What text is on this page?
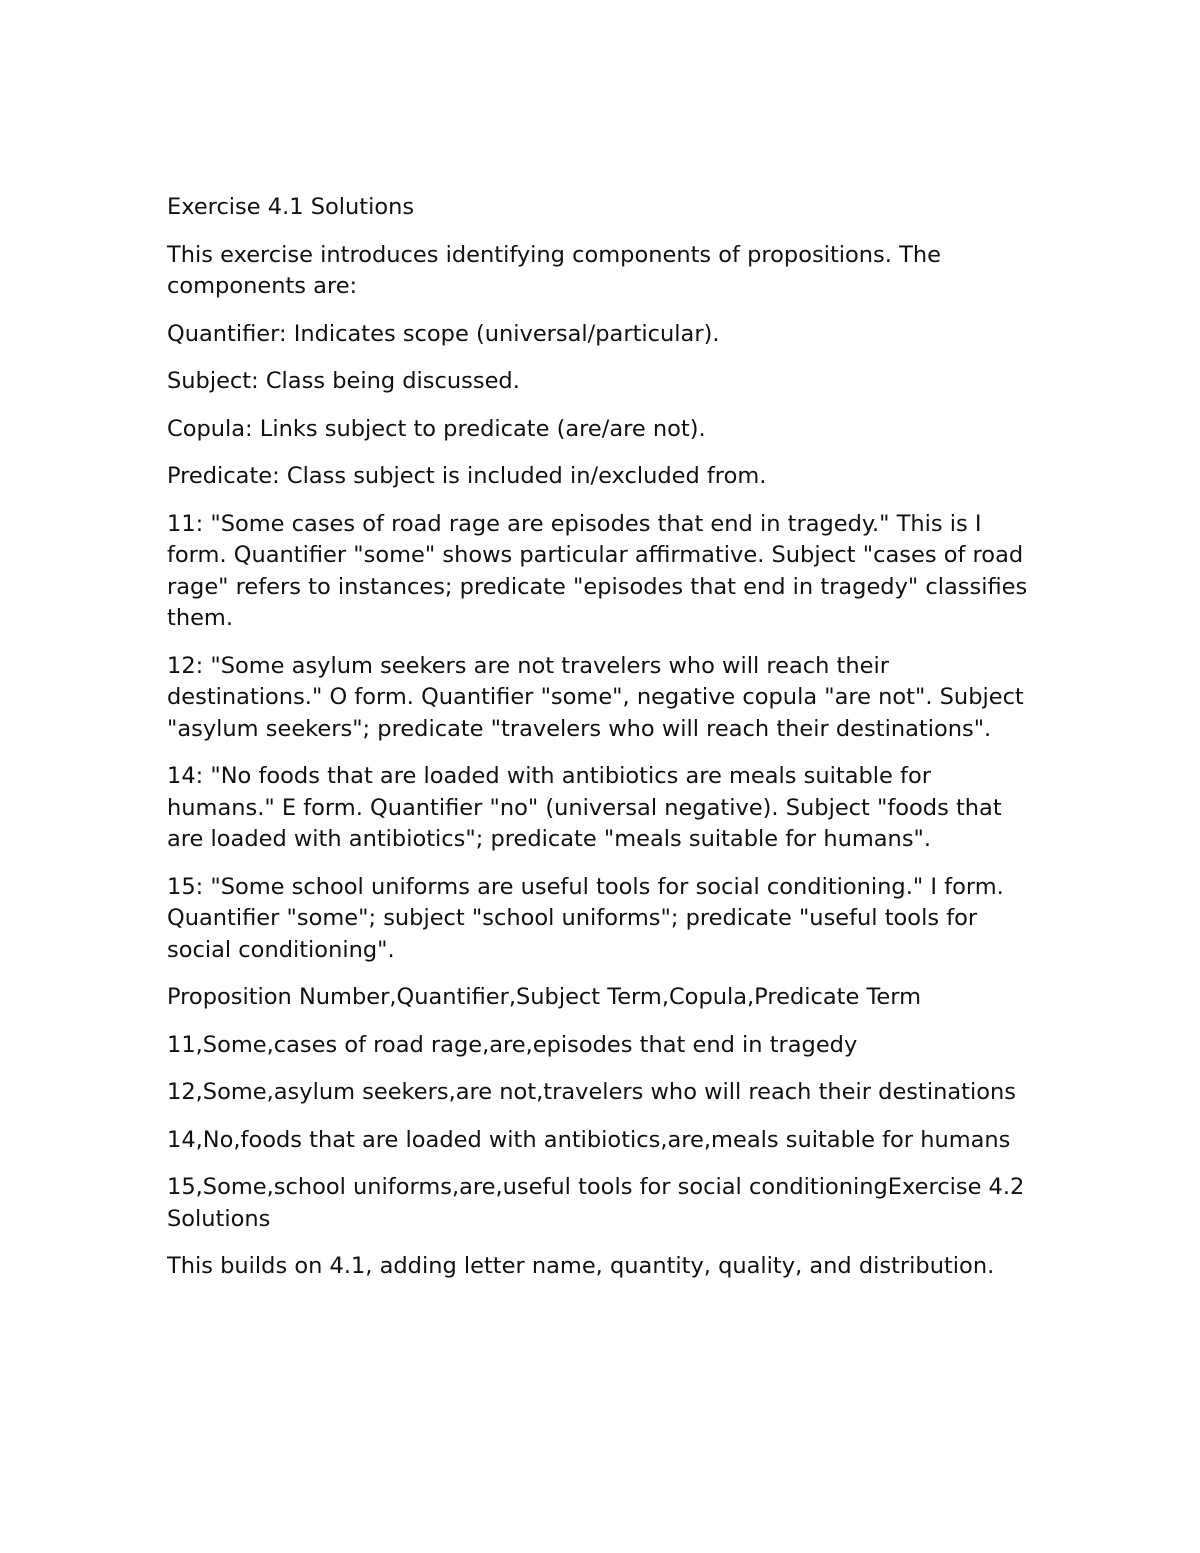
Exercise 4.1 Solutions

This exercise introduces identifying components of propositions. The components are:

Quantifier: Indicates scope (universal/particular).

Subject: Class being discussed.

Copula: Links subject to predicate (are/are not).

Predicate: Class subject is included in/excluded from.

11: "Some cases of road rage are episodes that end in tragedy." This is I form. Quantifier "some" shows particular affirmative. Subject "cases of road rage" refers to instances; predicate "episodes that end in tragedy" classifies them.

12: "Some asylum seekers are not travelers who will reach their destinations." O form. Quantifier "some", negative copula "are not". Subject "asylum seekers"; predicate "travelers who will reach their destinations".

14: "No foods that are loaded with antibiotics are meals suitable for humans." E form. Quantifier "no" (universal negative). Subject "foods that are loaded with antibiotics"; predicate "meals suitable for humans".

15: "Some school uniforms are useful tools for social conditioning." I form. Quantifier "some"; subject "school uniforms"; predicate "useful tools for social conditioning".

Proposition Number,Quantifier,Subject Term,Copula,Predicate Term

11,Some,cases of road rage,are,episodes that end in tragedy

12,Some,asylum seekers,are not,travelers who will reach their destinations

14,No,foods that are loaded with antibiotics,are,meals suitable for humans

15,Some,school uniforms,are,useful tools for social conditioningExercise 4.2 Solutions

This builds on 4.1, adding letter name, quantity, quality, and distribution.
